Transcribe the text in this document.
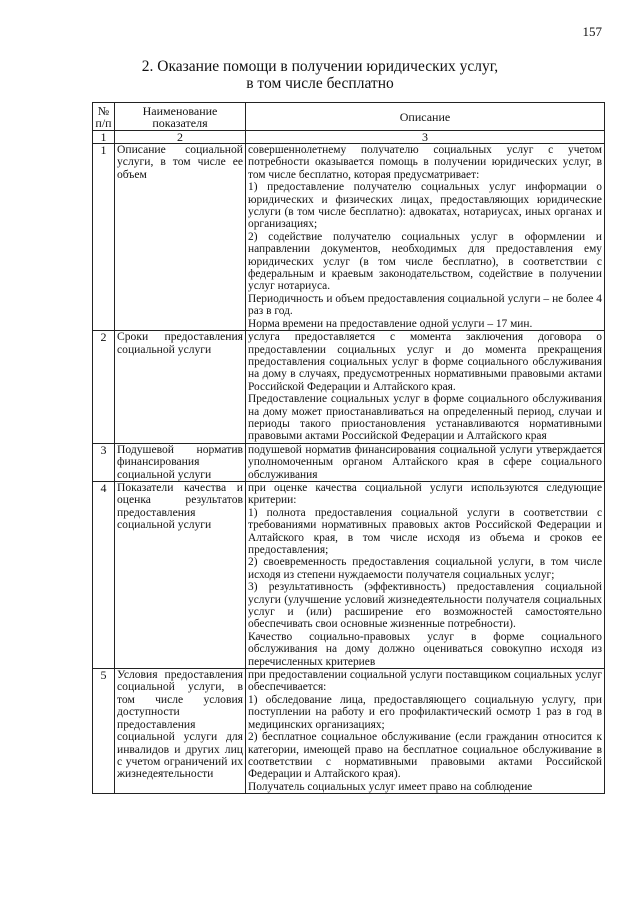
157
2. Оказание помощи в получении юридических услуг,
в том числе бесплатно
№ п/п	Наименование показателя	Описание
1	2	3
1	Описание социальной услуги, в том числе ее объем	совершеннолетнему получателю социальных услуг с учетом потребности оказывается помощь в получении юридических услуг, в том числе бесплатно, которая предусматривает:
1) предоставление получателю социальных услуг информации о юридических и физических лицах, предоставляющих юридические услуги (в том числе бесплатно): адвокатах, нотариусах, иных органах и организациях;
2) содействие получателю социальных услуг в оформлении и направлении документов, необходимых для предоставления ему юридических услуг (в том числе бесплатно), в соответствии с федеральным и краевым законодательством, содействие в получении услуг нотариуса.
Периодичность и объем предоставления социальной услуги – не более 4 раз в год.
Норма времени на предоставление одной услуги – 17 мин.

2	Сроки предоставления социальной услуги	услуга предоставляется с момента заключения договора о предоставлении социальных услуг и до момента прекращения предоставления социальных услуг в форме социального обслуживания на дому в случаях, предусмотренных нормативными правовыми актами Российской Федерации и Алтайского края.
Предоставление социальных услуг в форме социального обслуживания на дому может приостанавливаться на определенный период, случаи и периоды такого приостановления устанавливаются нормативными правовыми актами Российской Федерации и Алтайского края

3	Подушевой норматив финансирования социальной услуги	подушевой норматив финансирования социальной услуги утверждается уполномоченным органом Алтайского края в сфере социального обслуживания

4	Показатели качества и оценка результатов предоставления социальной услуги	при оценке качества социальной услуги используются следующие критерии:
1) полнота предоставления социальной услуги в соответствии с требованиями нормативных правовых актов Российской Федерации и Алтайского края, в том числе исходя из объема и сроков ее предоставления;
2) своевременность предоставления социальной услуги, в том числе исходя из степени нуждаемости получателя социальных услуг;
3) результативность (эффективность) предоставления социальной услуги (улучшение условий жизнедеятельности получателя социальных услуг и (или) расширение его возможностей самостоятельно обеспечивать свои основные жизненные потребности).
Качество социально-правовых услуг в форме социального обслуживания на дому должно оцениваться совокупно исходя из перечисленных критериев

5	Условия предоставления социальной услуги, в том числе условия доступности предоставления социальной услуги для инвалидов и других лиц с учетом ограничений их жизнедеятельности	при предоставлении социальной услуги поставщиком социальных услуг обеспечивается:
1) обследование лица, предоставляющего социальную услугу, при поступлении на работу и его профилактический осмотр 1 раз в год в медицинских организациях;
2) бесплатное социальное обслуживание (если гражданин относится к категории, имеющей право на бесплатное социальное обслуживание в соответствии с нормативными правовыми актами Российской Федерации и Алтайского края).
Получатель социальных услуг имеет право на соблюдение
